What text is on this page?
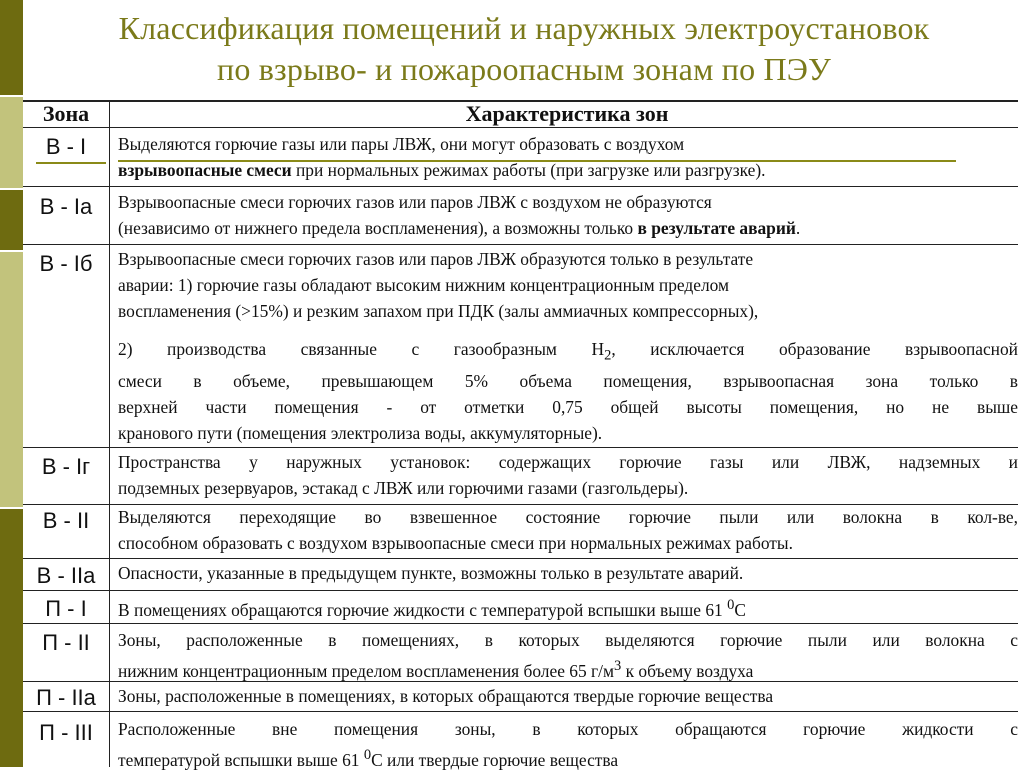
Классификация помещений и наружных электроустановок
по взрыво- и пожароопасным зонам по ПЭУ
Зона	Характеристика зон
В - I	Выделяются горючие газы или пары ЛВЖ, они могут образовать с воздухом
взрывоопасные смеси при нормальных режимах работы (при загрузке или разгрузке).
В - Ia	Взрывоопасные смеси горючих газов или паров ЛВЖ с воздухом не образуются
(независимо от нижнего предела воспламенения), а возможны только в результате аварий.
В - Iб	Взрывоопасные смеси горючих газов или паров ЛВЖ образуются только в результате
аварии: 1) горючие газы обладают высоким нижним концентрационным пределом
воспламенения (>15%) и резким запахом при ПДК (залы аммиачных компрессорных),
2) производства связанные с газообразным $Н_2$, исключается образование взрывоопасной
смеси в объеме, превышающем 5% объема помещения, взрывоопасная зона только в
верхней части помещения - от отметки 0,75 общей высоты помещения, но не выше
кранового пути (помещения электролиза воды, аккумуляторные).
В - Iг	Пространства у наружных установок: содержащих горючие газы или ЛВЖ, надземных и
подземных резервуаров, эстакад с ЛВЖ или горючими газами (газгольдеры).
В - II	Выделяются переходящие во взвешенное состояние горючие пыли или волокна в кол-ве,
способном образовать с воздухом взрывоопасные смеси при нормальных режимах работы.
В - IIа	Опасности, указанные в предыдущем пункте, возможны только в результате аварий.
П - I	В помещениях обращаются горючие жидкости с температурой вспышки выше 61 $^0$С
П - II	Зоны, расположенные в помещениях, в которых выделяются горючие пыли или волокна с
нижним концентрационным пределом воспламенения более 65 $г/м^3$ к объему воздуха
П - IIа	Зоны, расположенные в помещениях, в которых обращаются твердые горючие вещества
П - III	Расположенные вне помещения зоны, в которых обращаются горючие жидкости с
температурой вспышки выше 61 $^0$С или твердые горючие вещества
